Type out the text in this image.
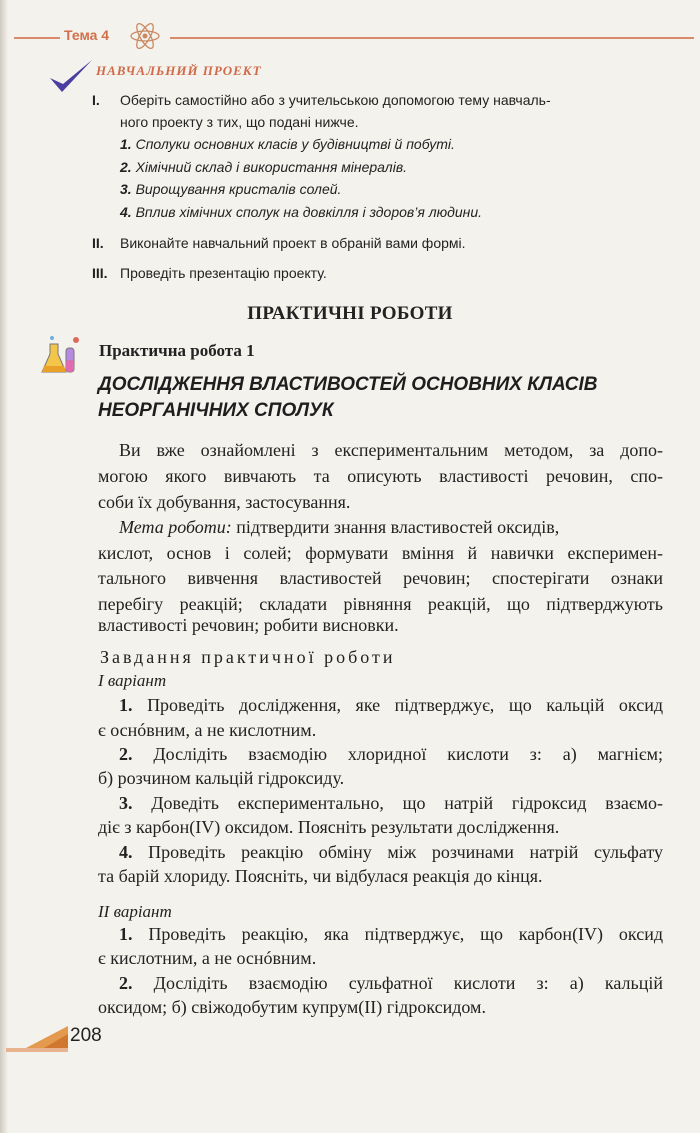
Тема 4
НАВЧАЛЬНИЙ ПРОЕКТ
I. Оберіть самостійно або з учительською допомогою тему навчаль-
ного проекту з тих, що подані нижче.
1. Сполуки основних класів у будівництві й побуті.
2. Хімічний склад і використання мінералів.
3. Вирощування кристалів солей.
4. Вплив хімічних сполук на довкілля і здоров’я людини.
II. Виконайте навчальний проект в обраній вами формі.
III. Проведіть презентацію проекту.
ПРАКТИЧНІ РОБОТИ
Практична робота 1
ДОСЛІДЖЕННЯ ВЛАСТИВОСТЕЙ ОСНОВНИХ КЛАСІВ
НЕОРГАНІЧНИХ СПОЛУК
Ви вже ознайомлені з експериментальним методом, за допо-
могою якого вивчають та описують властивості речовин, спо-
соби їх добування, застосування.
Мета роботи: підтвердити знання властивостей оксидів,
кислот, основ і солей; формувати вміння й навички експеримен-
тального вивчення властивостей речовин; спостерігати ознаки
перебігу реакцій; складати рівняння реакцій, що підтверджують
властивості речовин; робити висновки.
Завдання практичної роботи
І варіант
1. Проведіть дослідження, яке підтверджує, що кальцій оксид
є оснóвним, а не кислотним.
2. Дослідіть взаємодію хлоридної кислоти з: а) магнієм;
б) розчином кальцій гідроксиду.
3. Доведіть експериментально, що натрій гідроксид взаємо-
діє з карбон(IV) оксидом. Поясніть результати дослідження.
4. Проведіть реакцію обміну між розчинами натрій сульфату
та барій хлориду. Поясніть, чи відбулася реакція до кінця.
II варіант
1. Проведіть реакцію, яка підтверджує, що карбон(IV) оксид
є кислотним, а не оснóвним.
2. Дослідіть взаємодію сульфатної кислоти з: а) кальцій
оксидом; б) свіжодобутим купрум(II) гідроксидом.
208
